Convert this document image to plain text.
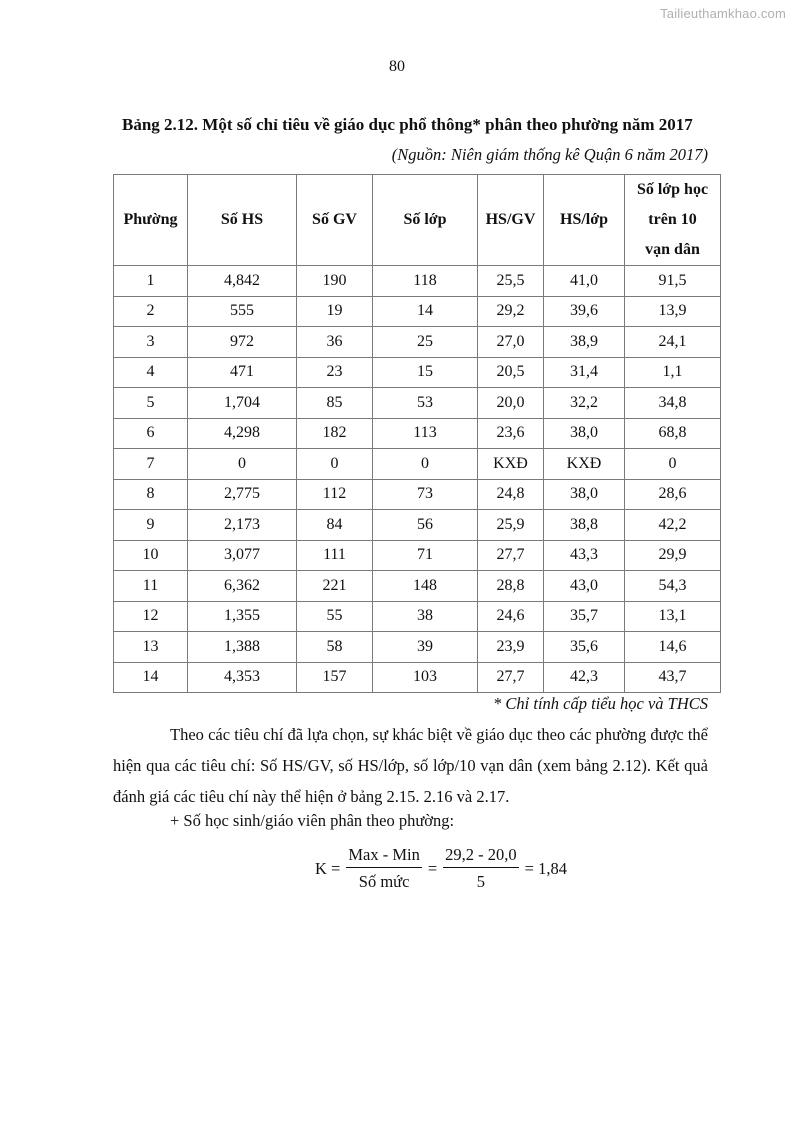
Tailieuthamkhao.com
80
Bảng 2.12. Một số chỉ tiêu về giáo dục phổ thông* phân theo phường năm 2017
(Nguồn: Niên giám thống kê Quận 6 năm 2017)
Phường	Số HS	Số GV	Số lớp	HS/GV	HS/lớp	Số lớp học
trên 10
vạn dân

1	4,842	190	118	25,5	41,0	91,5
2	555	19	14	29,2	39,6	13,9
3	972	36	25	27,0	38,9	24,1
4	471	23	15	20,5	31,4	1,1
5	1,704	85	53	20,0	32,2	34,8
6	4,298	182	113	23,6	38,0	68,8
7	0	0	0	KXĐ	KXĐ	0
8	2,775	112	73	24,8	38,0	28,6
9	2,173	84	56	25,9	38,8	42,2
10	3,077	111	71	27,7	43,3	29,9
11	6,362	221	148	28,8	43,0	54,3
12	1,355	55	38	24,6	35,7	13,1
13	1,388	58	39	23,9	35,6	14,6
14	4,353	157	103	27,7	42,3	43,7
* Chỉ tính cấp tiểu học và THCS
Theo các tiêu chí đã lựa chọn, sự khác biệt về giáo dục theo các phường được thể hiện qua các tiêu chí: Số HS/GV, số HS/lớp, số lớp/10 vạn dân (xem bảng 2.12). Kết quả đánh giá các tiêu chí này thể hiện ở bảng 2.15. 2.16 và 2.17.
+ Số học sinh/giáo viên phân theo phường:
$K = \frac{\text{Max - Min}}{\text{Số mức}} = \frac{29,2 - 20,0}{5} = 1,84$
